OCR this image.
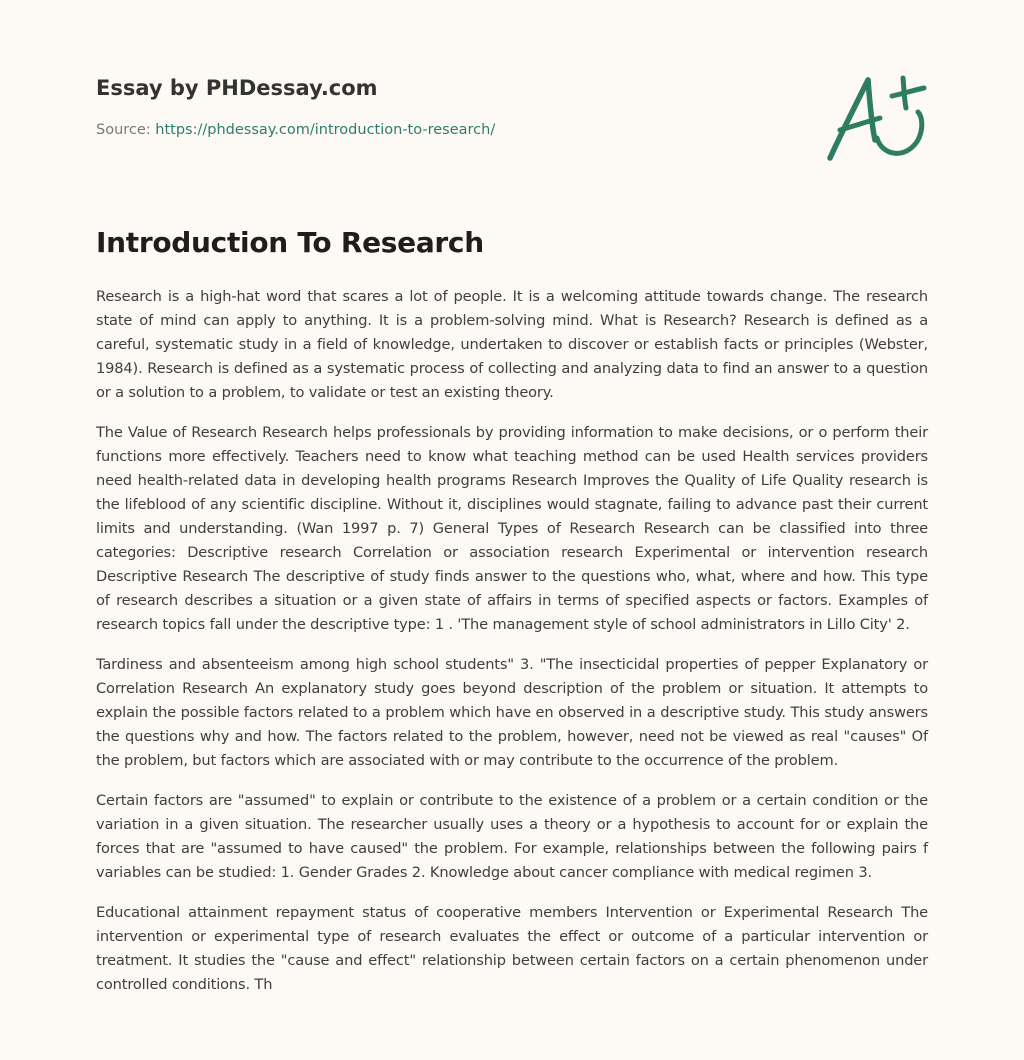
Essay by PHDessay.com
Source: https://phdessay.com/introduction-to-research/
Introduction To Research

Research is a high-hat word that scares a lot of people. It is a welcoming attitude towards change. The research state of mind can apply to anything. It is a problem-solving mind. What is Research? Research is defined as a careful, systematic study in a field of knowledge, undertaken to discover or establish facts or principles (Webster, 1984). Research is defined as a systematic process of collecting and analyzing data to find an answer to a question or a solution to a problem, to validate or test an existing theory.

The Value of Research Research helps professionals by providing information to make decisions, or o perform their functions more effectively. Teachers need to know what teaching method can be used Health services providers need health-related data in developing health programs Research Improves the Quality of Life Quality research is the lifeblood of any scientific discipline. Without it, disciplines would stagnate, failing to advance past their current limits and understanding. (Wan 1997 p. 7) General Types of Research Research can be classified into three categories: Descriptive research Correlation or association research Experimental or intervention research Descriptive Research The descriptive of study finds answer to the questions who, what, where and how. This type of research describes a situation or a given state of affairs in terms of specified aspects or factors. Examples of research topics fall under the descriptive type: 1 . 'The management style of school administrators in Lillo City' 2.

Tardiness and absenteeism among high school students" 3. "The insecticidal properties of pepper Explanatory or Correlation Research An explanatory study goes beyond description of the problem or situation. It attempts to explain the possible factors related to a problem which have en observed in a descriptive study. This study answers the questions why and how. The factors related to the problem, however, need not be viewed as real "causes" Of the problem, but factors which are associated with or may contribute to the occurrence of the problem.

Certain factors are "assumed" to explain or contribute to the existence of a problem or a certain condition or the variation in a given situation. The researcher usually uses a theory or a hypothesis to account for or explain the forces that are "assumed to have caused" the problem. For example, relationships between the following pairs f variables can be studied: 1. Gender Grades 2. Knowledge about cancer compliance with medical regimen 3.

Educational attainment repayment status of cooperative members Intervention or Experimental Research The intervention or experimental type of research evaluates the effect or outcome of a particular intervention or treatment. It studies the "cause and effect" relationship between certain factors on a certain phenomenon under controlled conditions. Th
